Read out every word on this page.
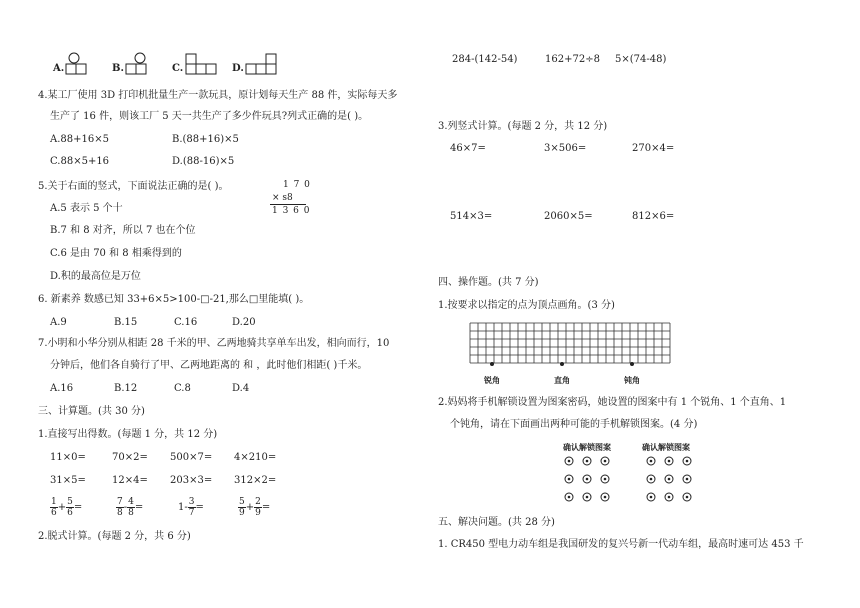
A.	B.	C.	D.
4.某工厂使用 3D 打印机批量生产一款玩具，原计划每天生产 88 件，实际每天多
生产了 16 件，则该工厂 5 天一共生产了多少件玩具?列式正确的是( )。
A.88+16×5	B.(88+16)×5
C.88×5+16	D.(88-16)×5
5.关于右面的竖式，下面说法正确的是( )。	1 7 0
× s8
1 3 6 0
A.5 表示 5 个十
B.7 和 8 对齐，所以 7 也在个位
C.6 是由 70 和 8 相乘得到的
D.积的最高位是万位
6. 新素养 数感已知 33+6×5>100-□-21,那么□里能填( )。
A.9	B.15	C.16	D.20
7.小明和小华分别从相距 28 千米的甲、乙两地骑共享单车出发，相向而行，10
分钟后，他们各自骑行了甲、乙两地距离的 和 ，此时他们相距( )千米。
A.16	B.12	C.8	D.4
三、计算题。(共 30 分)
1.直接写出得数。(每题 1 分，共 12 分)
11×0=	70×2= 500×7= 4×210=
31×5=	12×4= 203×3= 312×2=
$\frac{1}{6} + \frac{5}{6}$ =	$\frac{7}{8} - \frac{4}{8}$ =	$1- \frac{3}{7}$ =	$\frac{5}{9} + \frac{2}{9}$ =
2.脱式计算。(每题 2 分，共 6 分)
284-(142-54)	162+72÷8 5×(74-48)
3.列竖式计算。(每题 2 分，共 12 分)
46×7=	3×506=	270×4=
514×3=	2060×5=	812×6=
四、操作题。(共 7 分)
1.按要求以指定的点为顶点画角。(3 分)
锐角	直角	钝角
2.妈妈将手机解锁设置为图案密码，她设置的图案中有 1 个锐角、1 个直角、1
个钝角，请在下面画出两种可能的手机解锁图案。(4 分)
确认解锁图案	确认解锁图案
五、解决问题。(共 28 分)
1. CR450 型电力动车组是我国研发的复兴号新一代动车组，最高时速可达 453 千
